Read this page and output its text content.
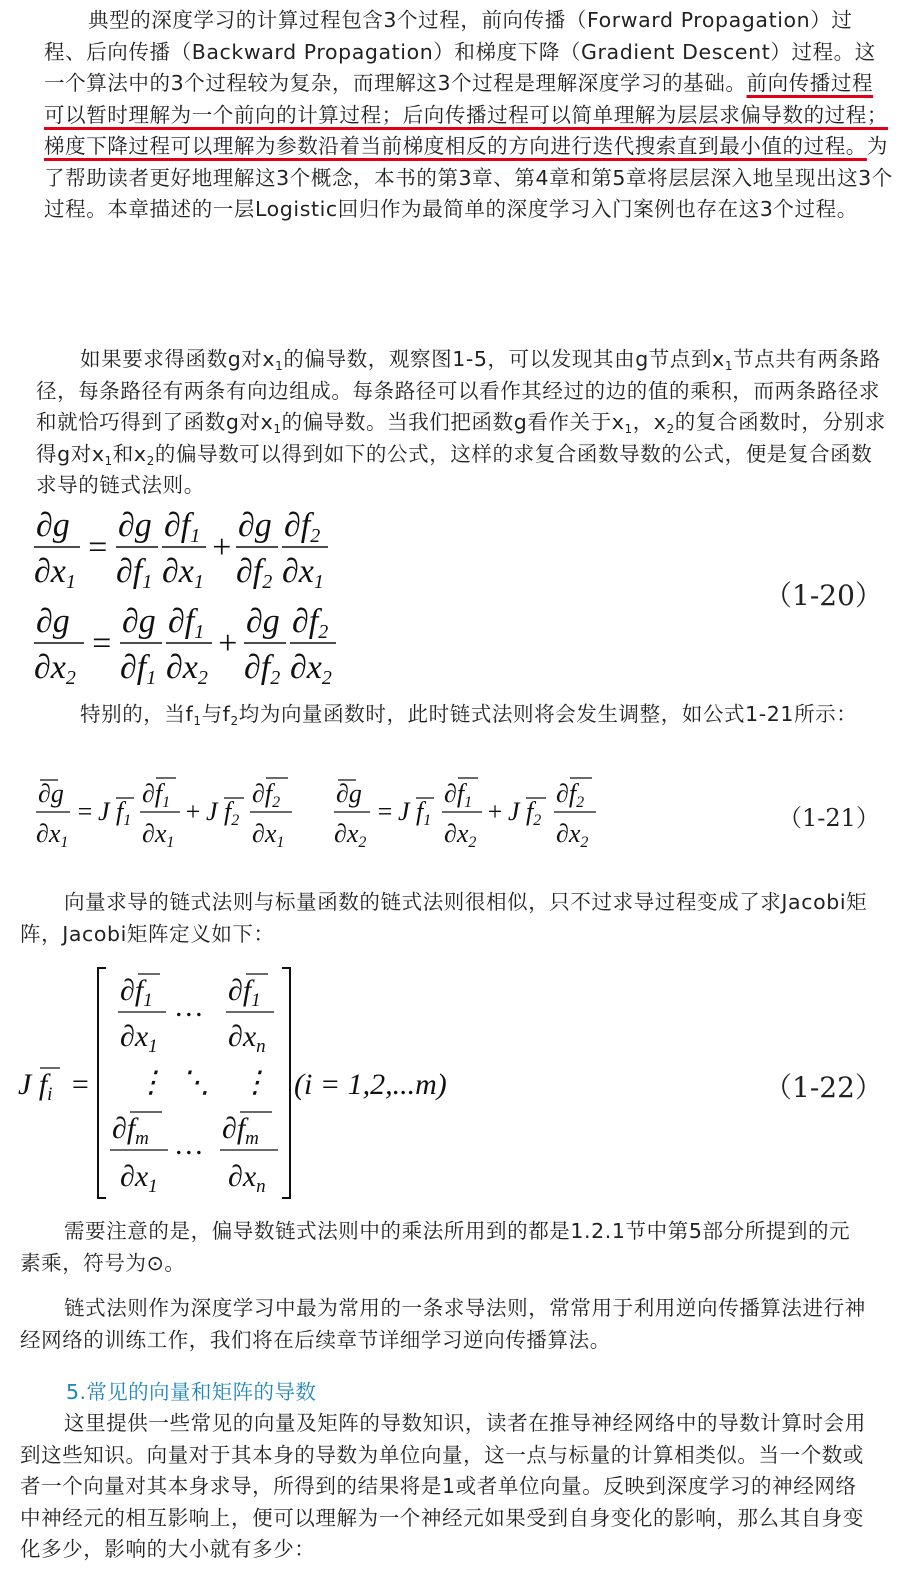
典型的深度学习的计算过程包含3个过程，前向传播（Forward Propagation）过程、后向传播（Backward Propagation）和梯度下降（Gradient Descent）过程。这一个算法中的3个过程较为复杂，而理解这3个过程是理解深度学习的基础。前向传播过程可以暂时理解为一个前向的计算过程；后向传播过程可以简单理解为层层求偏导数的过程；梯度下降过程可以理解为参数沿着当前梯度相反的方向进行迭代搜索直到最小值的过程。为了帮助读者更好地理解这3个概念，本书的第3章、第4章和第5章将层层深入地呈现出这3个过程。本章描述的一层Logistic回归作为最简单的深度学习入门案例也存在这3个过程。
如果要求得函数g对$x_1$的偏导数，观察图1-5，可以发现其由g节点到$x_1$节点共有两条路径，每条路径有两条有向边组成。每条路径可以看作其经过的边的值的乘积，而两条路径求和就恰巧得到了函数g对$x_1$的偏导数。当我们把函数g看作关于$x_1$，$x_2$的复合函数时，分别求得g对$x_1$和$x_2$的偏导数可以得到如下的公式，这样的求复合函数导数的公式，便是复合函数求导的链式法则。
∂g
∂x1
=
∂g
∂f1
∂f1
∂x1
+
∂g
∂f2
∂f2
∂x1
∂g
∂x2
=
∂g
∂f1
∂f1
∂x2
+
∂g
∂f2
∂f2
∂x2
（1-20）
特别的，当$f_1$与$f_2$均为向量函数时，此时链式法则将会发生调整，如公式1-21所示：
∂g
∂x1
= J f1
∂f1
∂x1
+ J f2
∂f2
∂x1
∂g
∂x2
= J f1
∂f1
∂x2
+ J f2
∂f2
∂x2
（1-21）
向量求导的链式法则与标量函数的链式法则很相似，只不过求导过程变成了求Jacobi矩阵，Jacobi矩阵定义如下：
J $f_i$ =
$\partial f_1$
$\partial x_1$
… $\partial f_1$
$\partial x_n$
⋮ ⋱ ⋮
$\partial f_m$
$\partial x_1$
… $\partial f_m$
$\partial x_n$
(i = 1,2,...m)	（1-22）
需要注意的是，偏导数链式法则中的乘法所用到的都是1.2.1节中第5部分所提到的元素乘，符号为⊙。
链式法则作为深度学习中最为常用的一条求导法则，常常用于利用逆向传播算法进行神经网络的训练工作，我们将在后续章节详细学习逆向传播算法。
5.常见的向量和矩阵的导数
这里提供一些常见的向量及矩阵的导数知识，读者在推导神经网络中的导数计算时会用到这些知识。向量对于其本身的导数为单位向量，这一点与标量的计算相类似。当一个数或者一个向量对其本身求导，所得到的结果将是1或者单位向量。反映到深度学习的神经网络中神经元的相互影响上，便可以理解为一个神经元如果受到自身变化的影响，那么其自身变化多少，影响的大小就有多少：
